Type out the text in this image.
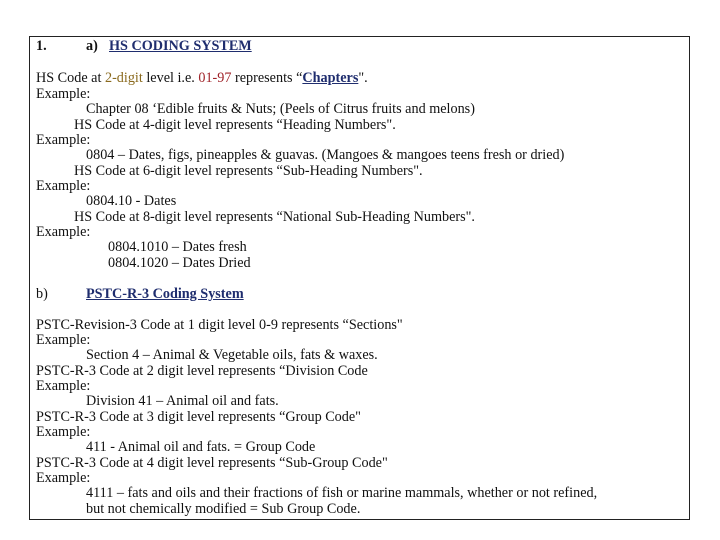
1.	a) HS CODING SYSTEM
HS Code at 2-digit level i.e. 01-97 represents “Chapters".
Example:
Chapter 08 ‘Edible fruits & Nuts; (Peels of Citrus fruits and melons)
HS Code at 4-digit level represents “Heading Numbers".
Example:
0804 – Dates, figs, pineapples & guavas. (Mangoes & mangoes teens fresh or dried)
HS Code at 6-digit level represents “Sub-Heading Numbers".
Example:
0804.10 - Dates
HS Code at 8-digit level represents “National Sub-Heading Numbers".
Example:
0804.1010 – Dates fresh
0804.1020 – Dates Dried
b)	PSTC-R-3 Coding System
PSTC-Revision-3 Code at 1 digit level 0-9 represents “Sections"
Example:
Section 4 – Animal & Vegetable oils, fats & waxes.
PSTC-R-3 Code at 2 digit level represents “Division Code
Example:
Division 41 – Animal oil and fats.
PSTC-R-3 Code at 3 digit level represents “Group Code"
Example:
411 - Animal oil and fats. = Group Code
PSTC-R-3 Code at 4 digit level represents “Sub-Group Code"
Example:
4111 – fats and oils and their fractions of fish or marine mammals, whether or not refined,
but not chemically modified = Sub Group Code.
